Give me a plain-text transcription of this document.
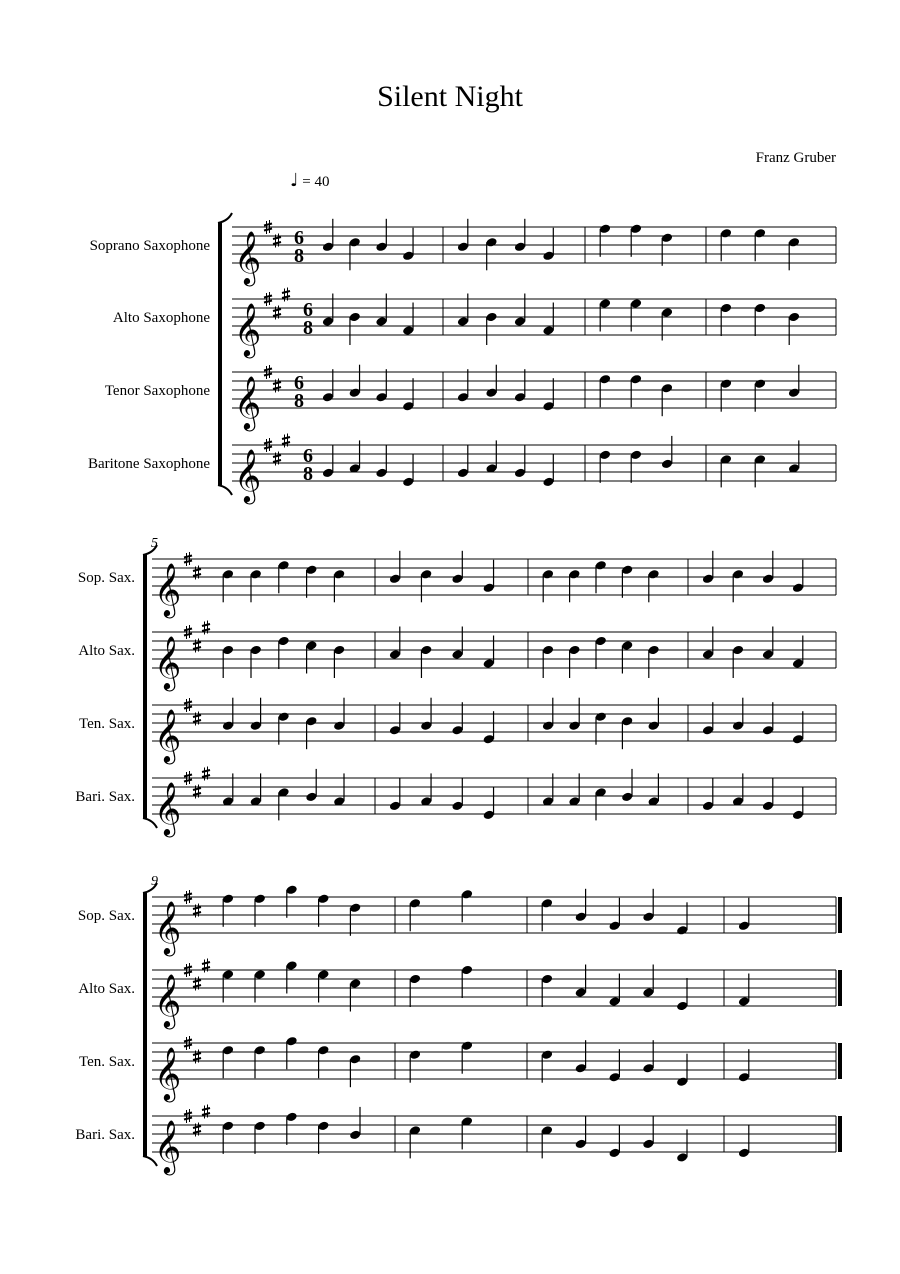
Silent Night
Franz Gruber
♩ = 40
Soprano Saxophone 𝄞 6
8
Alto Saxophone 𝄞 6
8
Tenor Saxophone 𝄞 6
8
Baritone Saxophone 𝄞 6
8
5
Sop. Sax. 𝄞
Alto Sax. 𝄞
Ten. Sax. 𝄞
Bari. Sax. 𝄞
9
Sop. Sax. 𝄞
Alto Sax. 𝄞
Ten. Sax. 𝄞
Bari. Sax. 𝄞
